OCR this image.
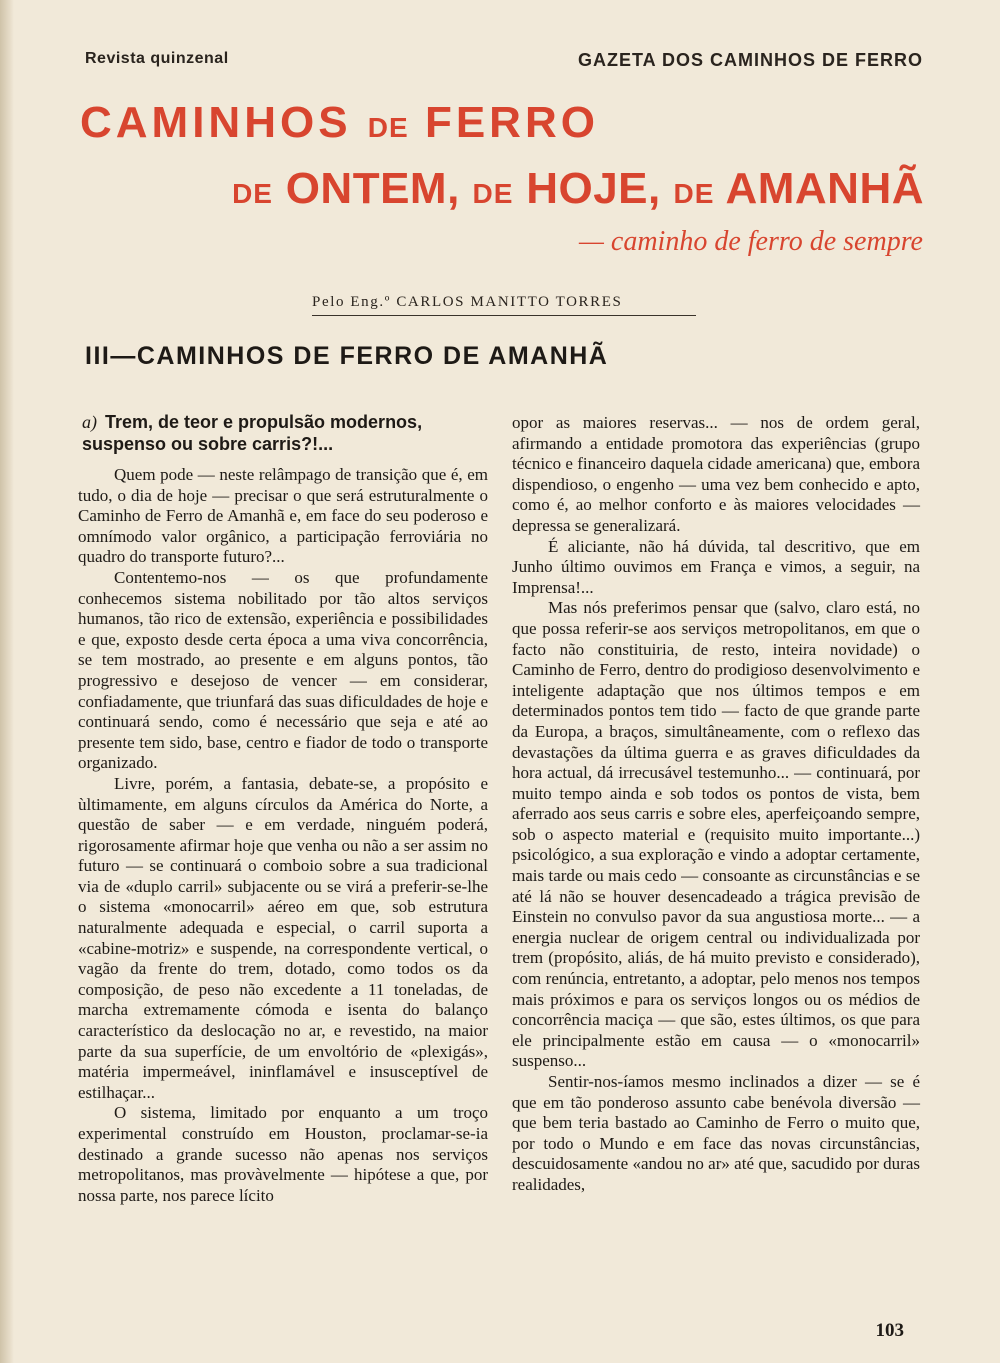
Revista quinzenal	GAZETA DOS CAMINHOS DE FERRO
CAMINHOS DE FERRO
DE ONTEM, DE HOJE, DE AMANHÃ
— caminho de ferro de sempre
Pelo Eng.º CARLOS MANITTO TORRES
III—CAMINHOS DE FERRO DE AMANHÃ
a) Trem, de teor e propulsão modernos, suspenso ou sobre carris?!...

Quem pode — neste relâmpago de transição que é, em tudo, o dia de hoje — precisar o que será estruturalmente o Caminho de Ferro de Amanhã e, em face do seu poderoso e omnímodo valor orgânico, a participação ferroviária no quadro do transporte futuro?...

Contentemo-nos — os que profundamente conhecemos sistema nobilitado por tão altos serviços humanos, tão rico de extensão, experiência e possibilidades e que, exposto desde certa época a uma viva concorrência, se tem mostrado, ao presente e em alguns pontos, tão progressivo e desejoso de vencer — em considerar, confiadamente, que triunfará das suas dificuldades de hoje e continuará sendo, como é necessário que seja e até ao presente tem sido, base, centro e fiador de todo o transporte organizado.

Livre, porém, a fantasia, debate-se, a propósito e ùltimamente, em alguns círculos da América do Norte, a questão de saber — e em verdade, ninguém poderá, rigorosamente afirmar hoje que venha ou não a ser assim no futuro — se continuará o comboio sobre a sua tradicional via de «duplo carril» subjacente ou se virá a preferir-se-lhe o sistema «monocarril» aéreo em que, sob estrutura naturalmente adequada e especial, o carril suporta a «cabine-motriz» e suspende, na correspondente vertical, o vagão da frente do trem, dotado, como todos os da composição, de peso não excedente a 11 toneladas, de marcha extremamente cómoda e isenta do balanço característico da deslocação no ar, e revestido, na maior parte da sua superfície, de um envoltório de «plexigás», matéria impermeável, ininflamável e insusceptível de estilhaçar...

O sistema, limitado por enquanto a um troço experimental construído em Houston, proclamar-se-ia destinado a grande sucesso não apenas nos serviços metropolitanos, mas provàvelmente — hipótese a que, por nossa parte, nos parece lícito

opor as maiores reservas... — nos de ordem geral, afirmando a entidade promotora das experiências (grupo técnico e financeiro daquela cidade americana) que, embora dispendioso, o engenho — uma vez bem conhecido e apto, como é, ao melhor conforto e às maiores velocidades — depressa se generalizará.

É aliciante, não há dúvida, tal descritivo, que em Junho último ouvimos em França e vimos, a seguir, na Imprensa!...

Mas nós preferimos pensar que (salvo, claro está, no que possa referir-se aos serviços metropolitanos, em que o facto não constituiria, de resto, inteira novidade) o Caminho de Ferro, dentro do prodigioso desenvolvimento e inteligente adaptação que nos últimos tempos e em determinados pontos tem tido — facto de que grande parte da Europa, a braços, simultâneamente, com o reflexo das devastações da última guerra e as graves dificuldades da hora actual, dá irrecusável testemunho... — continuará, por muito tempo ainda e sob todos os pontos de vista, bem aferrado aos seus carris e sobre eles, aperfeiçoando sempre, sob o aspecto material e (requisito muito importante...) psicológico, a sua exploração e vindo a adoptar certamente, mais tarde ou mais cedo — consoante as circunstâncias e se até lá não se houver desencadeado a trágica previsão de Einstein no convulso pavor da sua angustiosa morte... — a energia nuclear de origem central ou individualizada por trem (propósito, aliás, de há muito previsto e considerado), com renúncia, entretanto, a adoptar, pelo menos nos tempos mais próximos e para os serviços longos ou os médios de concorrência maciça — que são, estes últimos, os que para ele principalmente estão em causa — o «monocarril» suspenso...

Sentir-nos-íamos mesmo inclinados a dizer — se é que em tão ponderoso assunto cabe benévola diversão — que bem teria bastado ao Caminho de Ferro o muito que, por todo o Mundo e em face das novas circunstâncias, descuidosamente «andou no ar» até que, sacudido por duras realidades,

103
